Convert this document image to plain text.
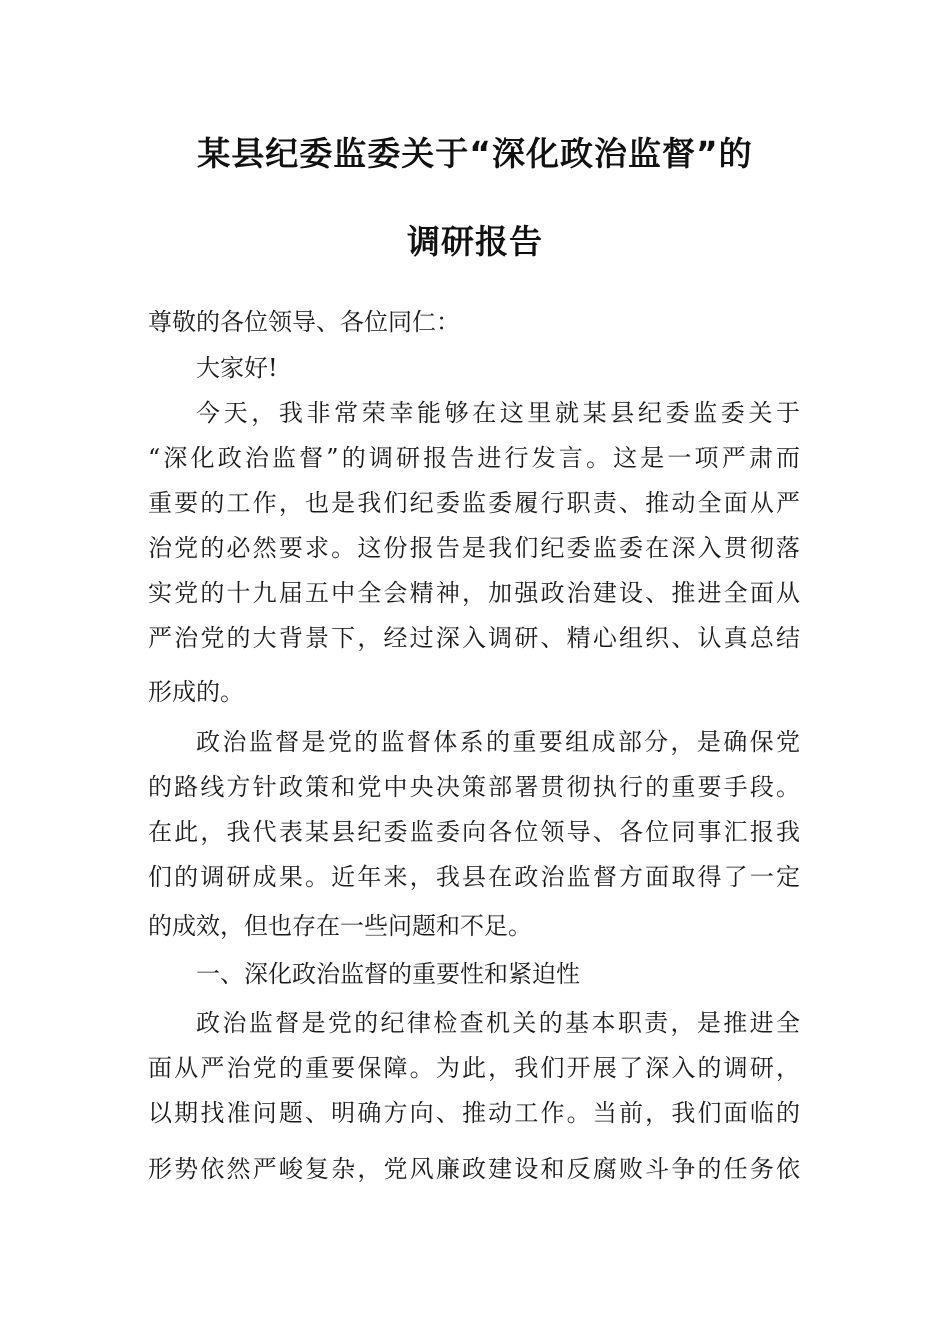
某县纪委监委关于“深化政治监督”的
调研报告
尊敬的各位领导、各位同仁：
大家好!
今天，我非常荣幸能够在这里就某县纪委监委关于
“深化政治监督”的调研报告进行发言。这是一项严肃而
重要的工作，也是我们纪委监委履行职责、推动全面从严
治党的必然要求。这份报告是我们纪委监委在深入贯彻落
实党的十九届五中全会精神，加强政治建设、推进全面从
严治党的大背景下，经过深入调研、精心组织、认真总结
形成的。
政治监督是党的监督体系的重要组成部分，是确保党
的路线方针政策和党中央决策部署贯彻执行的重要手段。
在此，我代表某县纪委监委向各位领导、各位同事汇报我
们的调研成果。近年来，我县在政治监督方面取得了一定
的成效，但也存在一些问题和不足。
一、深化政治监督的重要性和紧迫性
政治监督是党的纪律检查机关的基本职责，是推进全
面从严治党的重要保障。为此，我们开展了深入的调研，
以期找准问题、明确方向、推动工作。当前，我们面临的
形势依然严峻复杂，党风廉政建设和反腐败斗争的任务依
